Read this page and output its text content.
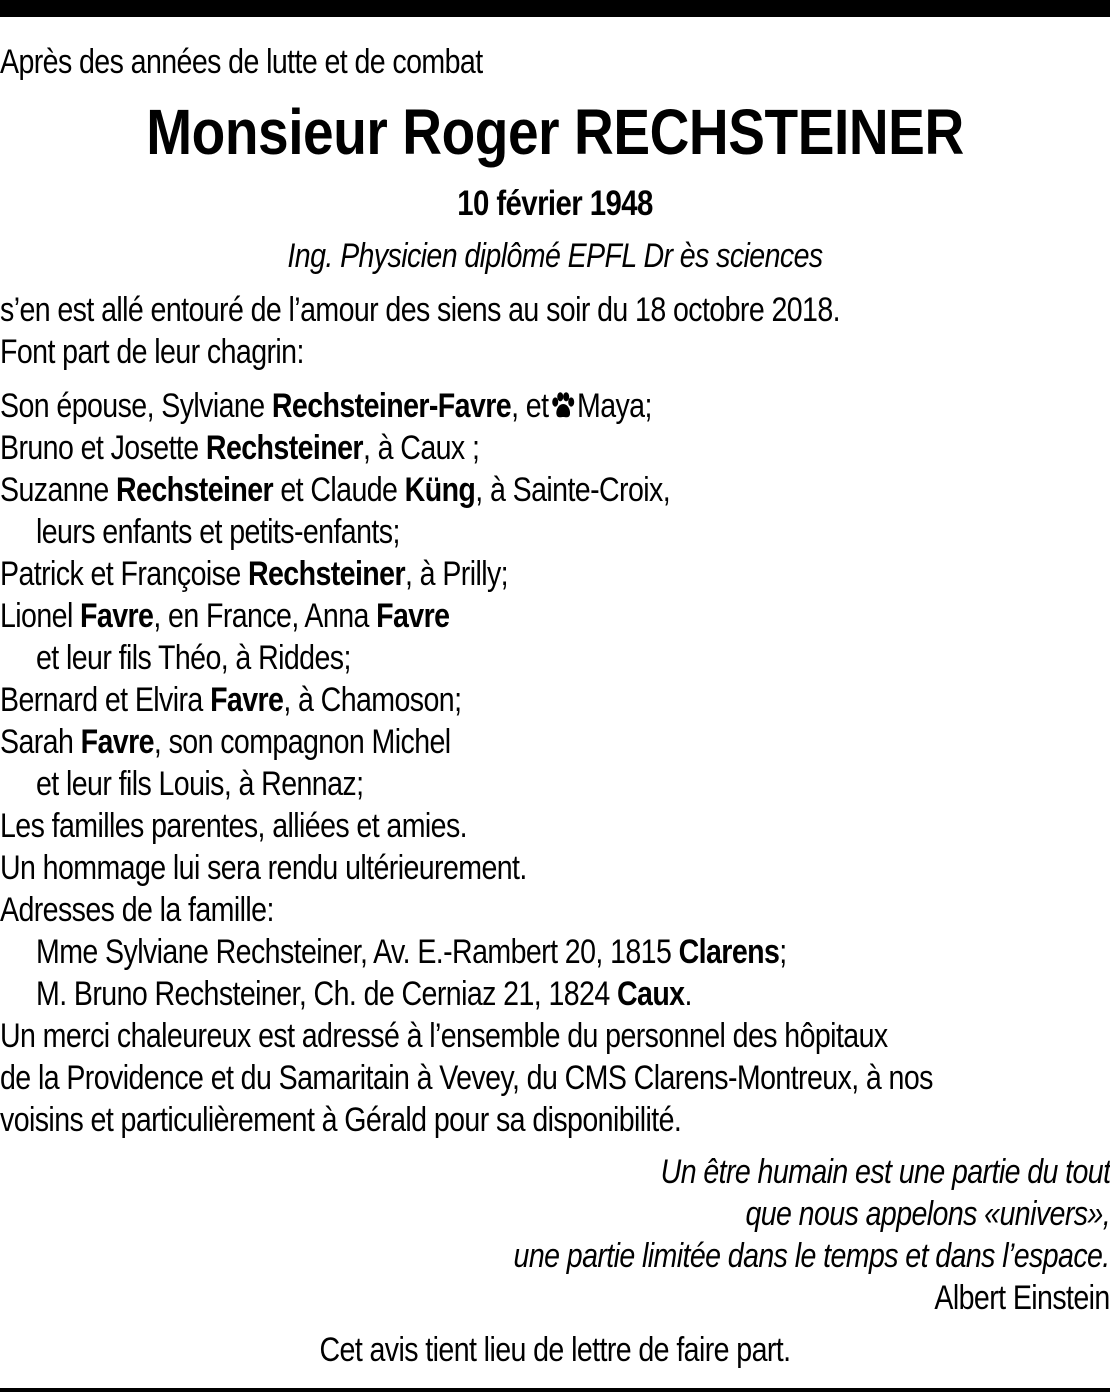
Après des années de lutte et de combat
Monsieur Roger RECHSTEINER
10 février 1948
Ing. Physicien diplômé EPFL Dr ès sciences
s’en est allé entouré de l’amour des siens au soir du 18 octobre 2018.
Font part de leur chagrin:
Son épouse, Sylviane Rechsteiner-Favre, et Maya;
Bruno et Josette Rechsteiner, à Caux ;
Suzanne Rechsteiner et Claude Küng, à Sainte-Croix,
leurs enfants et petits-enfants;
Patrick et Françoise Rechsteiner, à Prilly;
Lionel Favre, en France, Anna Favre
et leur fils Théo, à Riddes;
Bernard et Elvira Favre, à Chamoson;
Sarah Favre, son compagnon Michel
et leur fils Louis, à Rennaz;
Les familles parentes, alliées et amies.
Un hommage lui sera rendu ultérieurement.
Adresses de la famille:
Mme Sylviane Rechsteiner, Av. E.-Rambert 20, 1815 Clarens;
M. Bruno Rechsteiner, Ch. de Cerniaz 21, 1824 Caux.
Un merci chaleureux est adressé à l’ensemble du personnel des hôpitaux
de la Providence et du Samaritain à Vevey, du CMS Clarens-Montreux, à nos
voisins et particulièrement à Gérald pour sa disponibilité.
Un être humain est une partie du tout
que nous appelons «univers»,
une partie limitée dans le temps et dans l’espace.
Albert Einstein
Cet avis tient lieu de lettre de faire part.
